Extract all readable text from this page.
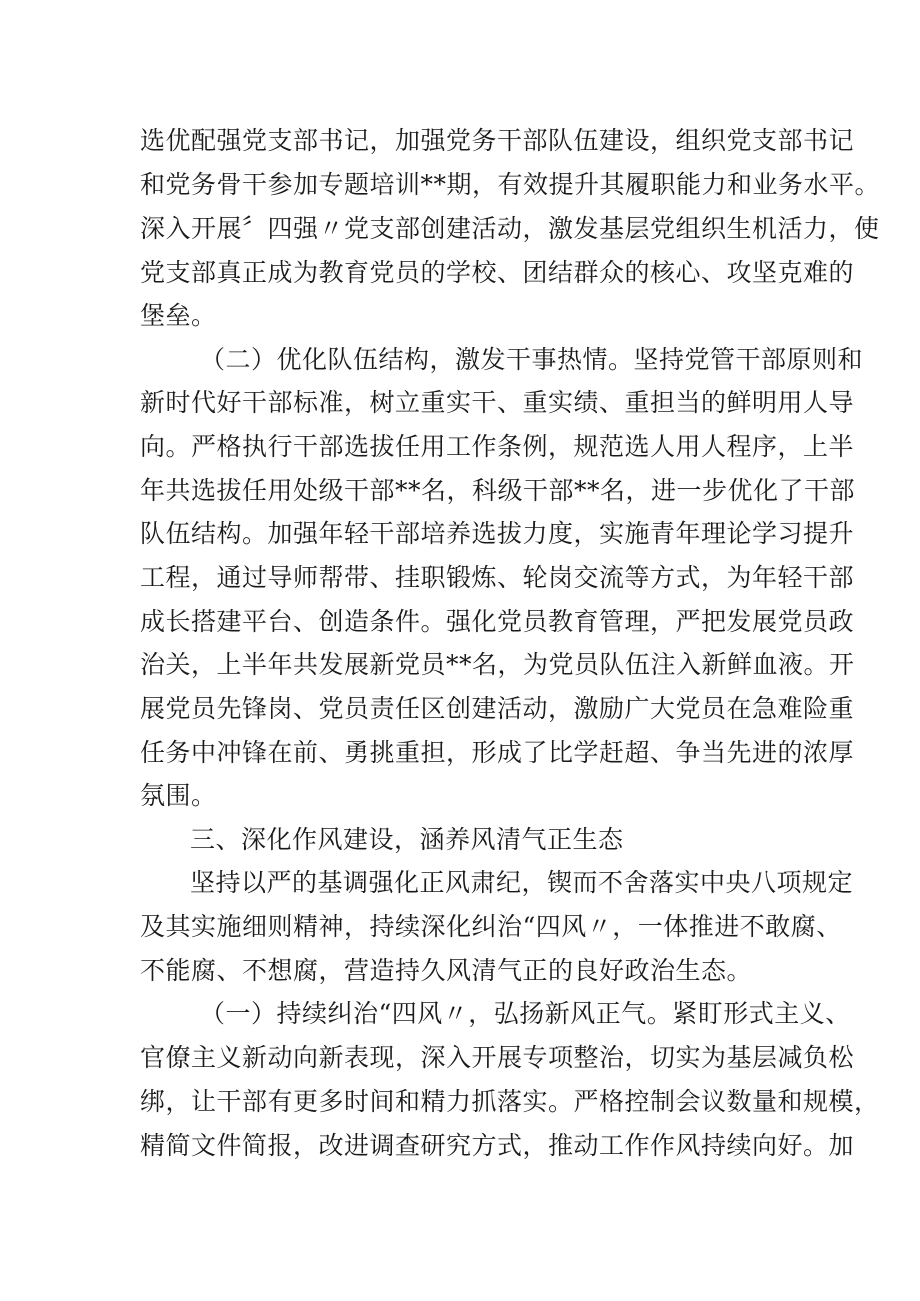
选优配强党支部书记，加强党务干部队伍建设，组织党支部书记
和党务骨干参加专题培训**期，有效提升其履职能力和业务水平。
深入开展〞四强〃党支部创建活动，激发基层党组织生机活力，使
党支部真正成为教育党员的学校、团结群众的核心、攻坚克难的
堡垒。
（二）优化队伍结构，激发干事热情。坚持党管干部原则和
新时代好干部标准，树立重实干、重实绩、重担当的鲜明用人导
向。严格执行干部选拔任用工作条例，规范选人用人程序，上半
年共选拔任用处级干部**名，科级干部**名，进一步优化了干部
队伍结构。加强年轻干部培养选拔力度，实施青年理论学习提升
工程，通过导师帮带、挂职锻炼、轮岗交流等方式，为年轻干部
成长搭建平台、创造条件。强化党员教育管理，严把发展党员政
治关，上半年共发展新党员**名，为党员队伍注入新鲜血液。开
展党员先锋岗、党员责任区创建活动，激励广大党员在急难险重
任务中冲锋在前、勇挑重担，形成了比学赶超、争当先进的浓厚
氛围。
三、深化作风建设，涵养风清气正生态
坚持以严的基调强化正风肃纪，锲而不舍落实中央八项规定
及其实施细则精神，持续深化纠治“四风〃，一体推进不敢腐、
不能腐、不想腐，营造持久风清气正的良好政治生态。
（一）持续纠治“四风〃，弘扬新风正气。紧盯形式主义、
官僚主义新动向新表现，深入开展专项整治，切实为基层减负松
绑，让干部有更多时间和精力抓落实。严格控制会议数量和规模，
精简文件简报，改进调查研究方式，推动工作作风持续向好。加
